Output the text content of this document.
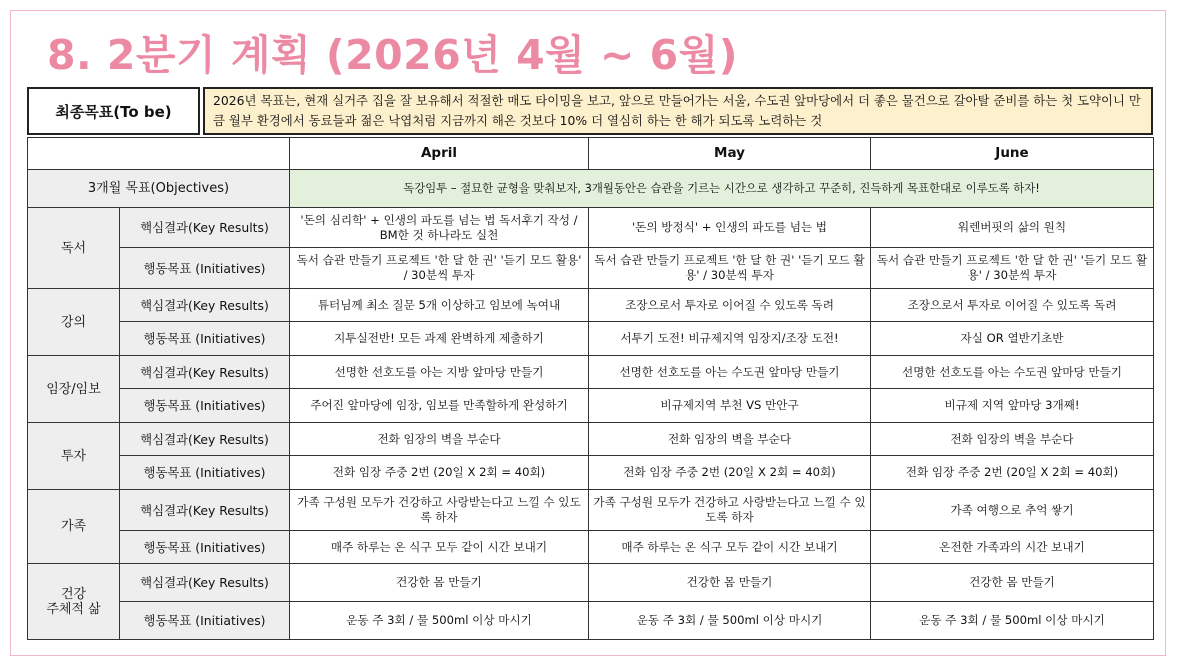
8. 2분기 계획 (2026년 4월 ~ 6월)
최종목표(To be)
2026년 목표는, 현재 실거주 집을 잘 보유해서 적절한 매도 타이밍을 보고, 앞으로 만들어가는 서울, 수도권 앞마당에서 더 좋은 물건으로 갈아탈 준비를 하는 첫 도약이니 만큼 월부 환경에서 동료들과 젊은 낙엽처럼 지금까지 해온 것보다 10% 더 열심히 하는 한 해가 되도록 노력하는 것
		April	May	June
3개월 목표(Objectives)		독강임투 – 절묘한 균형을 맞춰보자, 3개월동안은 습관을 기르는 시간으로 생각하고 꾸준히, 진득하게 목표한대로 이루도록 하자!		
독서	핵심결과(Key Results)	'돈의 심리학' + 인생의 파도를 넘는 법 독서후기 작성 / BM한 것 하나라도 실천	'돈의 방정식' + 인생의 파도를 넘는 법	워렌버핏의 삶의 원칙
	행동목표 (Initiatives)	독서 습관 만들기 프로젝트 '한 달 한 권' '듣기 모드 활용' / 30분씩 투자	독서 습관 만들기 프로젝트 '한 달 한 권' '듣기 모드 활용' / 30분씩 투자	독서 습관 만들기 프로젝트 '한 달 한 권' '듣기 모드 활용' / 30분씩 투자
강의	핵심결과(Key Results)	튜터님께 최소 질문 5개 이상하고 임보에 녹여내	조장으로서 투자로 이어질 수 있도록 독려	조장으로서 투자로 이어질 수 있도록 독려
	행동목표 (Initiatives)	지투실전반! 모든 과제 완벽하게 제출하기	서투기 도전! 비규제지역 임장지/조장 도전!	자실 OR 열반기초반
임장/임보	핵심결과(Key Results)	선명한 선호도를 아는 지방 앞마당 만들기	선명한 선호도를 아는 수도권 앞마당 만들기	선명한 선호도를 아는 수도권 앞마당 만들기
	행동목표 (Initiatives)	주어진 앞마당에 임장, 임보를 만족할하게 완성하기	비규제지역 부천 VS 만안구	비규제 지역 앞마당 3개째!
투자	핵심결과(Key Results)	전화 임장의 벽을 부순다	전화 임장의 벽을 부순다	전화 임장의 벽을 부순다
	행동목표 (Initiatives)	전화 임장 주중 2번 (20일 X 2회 = 40회)	전화 임장 주중 2번 (20일 X 2회 = 40회)	전화 임장 주중 2번 (20일 X 2회 = 40회)
가족	핵심결과(Key Results)	가족 구성원 모두가 건강하고 사랑받는다고 느낄 수 있도록 하자	가족 구성원 모두가 건강하고 사랑받는다고 느낄 수 있도록 하자	가족 여행으로 추억 쌓기
	행동목표 (Initiatives)	매주 하루는 온 식구 모두 같이 시간 보내기	매주 하루는 온 식구 모두 같이 시간 보내기	온전한 가족과의 시간 보내기
건강
주체적 삶	핵심결과(Key Results)	건강한 몸 만들기	건강한 몸 만들기	건강한 몸 만들기
	행동목표 (Initiatives)	운동 주 3회 / 물 500ml 이상 마시기	운동 주 3회 / 물 500ml 이상 마시기	운동 주 3회 / 물 500ml 이상 마시기
